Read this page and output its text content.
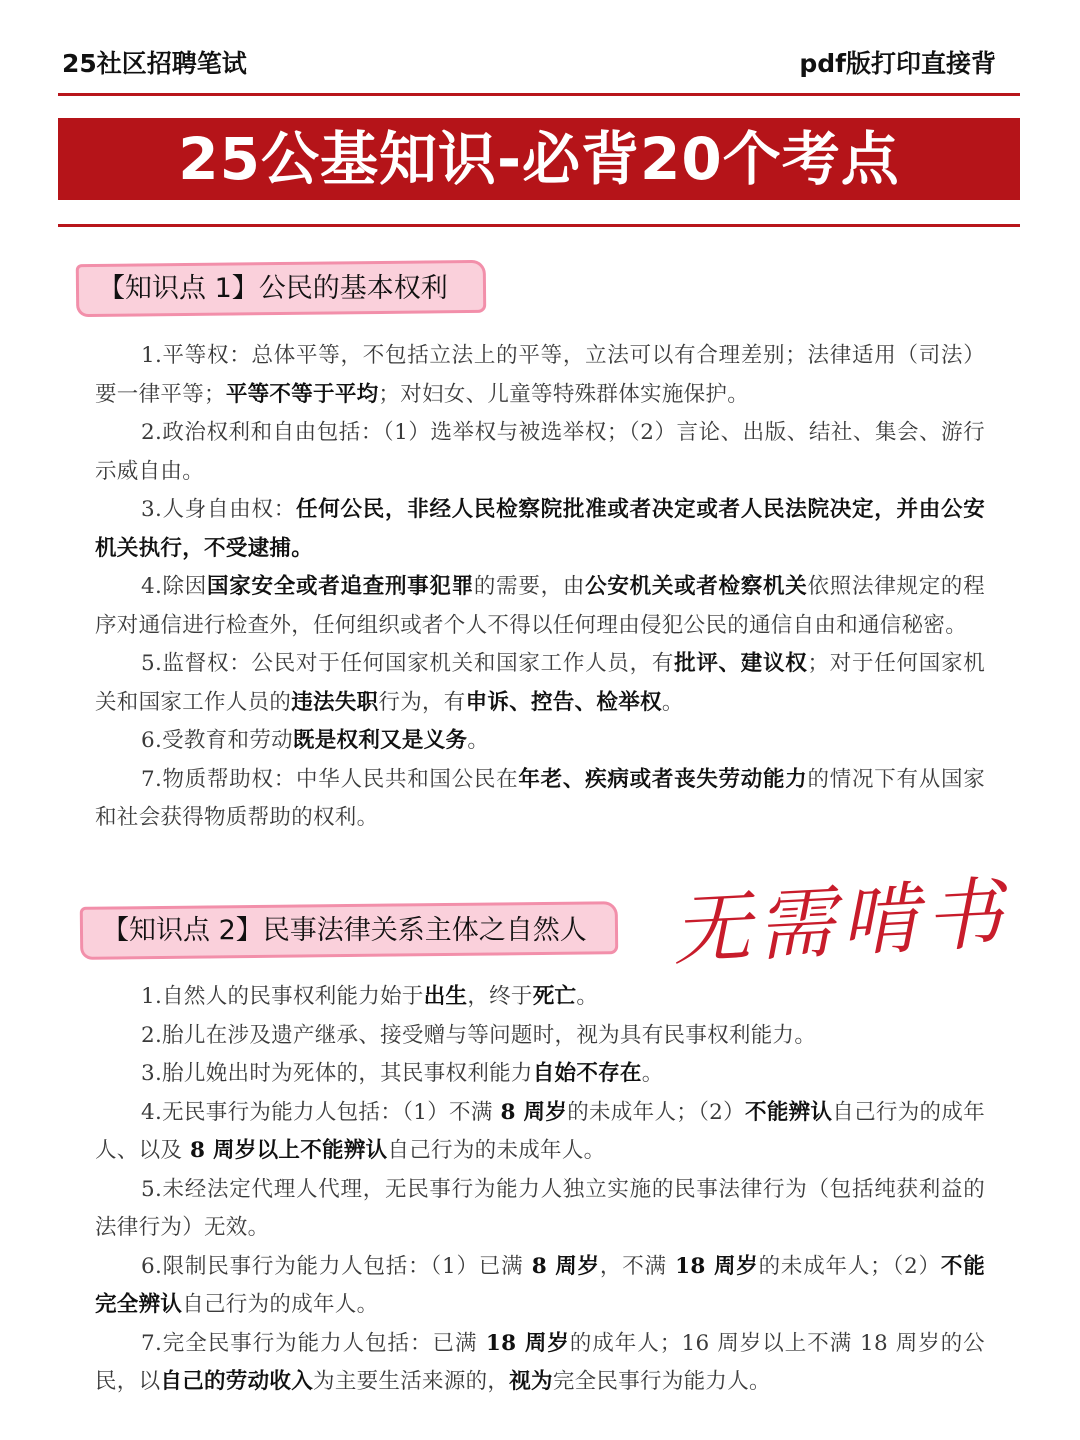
25社区招聘笔试	pdf版打印直接背
25公基知识-必背20个考点
【知识点 1】公民的基本权利

1.平等权：总体平等，不包括立法上的平等，立法可以有合理差别；法律适用（司法）要一律平等；平等不等于平均；对妇女、儿童等特殊群体实施保护。

2.政治权利和自由包括：（1）选举权与被选举权；（2）言论、出版、结社、集会、游行示威自由。

3.人身自由权：任何公民，非经人民检察院批准或者决定或者人民法院决定，并由公安机关执行，不受逮捕。

4.除因国家安全或者追查刑事犯罪的需要，由公安机关或者检察机关依照法律规定的程序对通信进行检查外，任何组织或者个人不得以任何理由侵犯公民的通信自由和通信秘密。

5.监督权：公民对于任何国家机关和国家工作人员，有批评、建议权；对于任何国家机关和国家工作人员的违法失职行为，有申诉、控告、检举权。

6.受教育和劳动既是权利又是义务。

7.物质帮助权：中华人民共和国公民在年老、疾病或者丧失劳动能力的情况下有从国家和社会获得物质帮助的权利。

【知识点 2】民事法律关系主体之自然人	无需啃书

1.自然人的民事权利能力始于出生，终于死亡。

2.胎儿在涉及遗产继承、接受赠与等问题时，视为具有民事权利能力。

3.胎儿娩出时为死体的，其民事权利能力自始不存在。

4.无民事行为能力人包括：（1）不满 8 周岁的未成年人；（2）不能辨认自己行为的成年人、以及 8 周岁以上不能辨认自己行为的未成年人。

5.未经法定代理人代理，无民事行为能力人独立实施的民事法律行为（包括纯获利益的法律行为）无效。

6.限制民事行为能力人包括：（1）已满 8 周岁，不满 18 周岁的未成年人；（2）不能完全辨认自己行为的成年人。

7.完全民事行为能力人包括：已满 18 周岁的成年人；16 周岁以上不满 18 周岁的公民，以自己的劳动收入为主要生活来源的，视为完全民事行为能力人。
